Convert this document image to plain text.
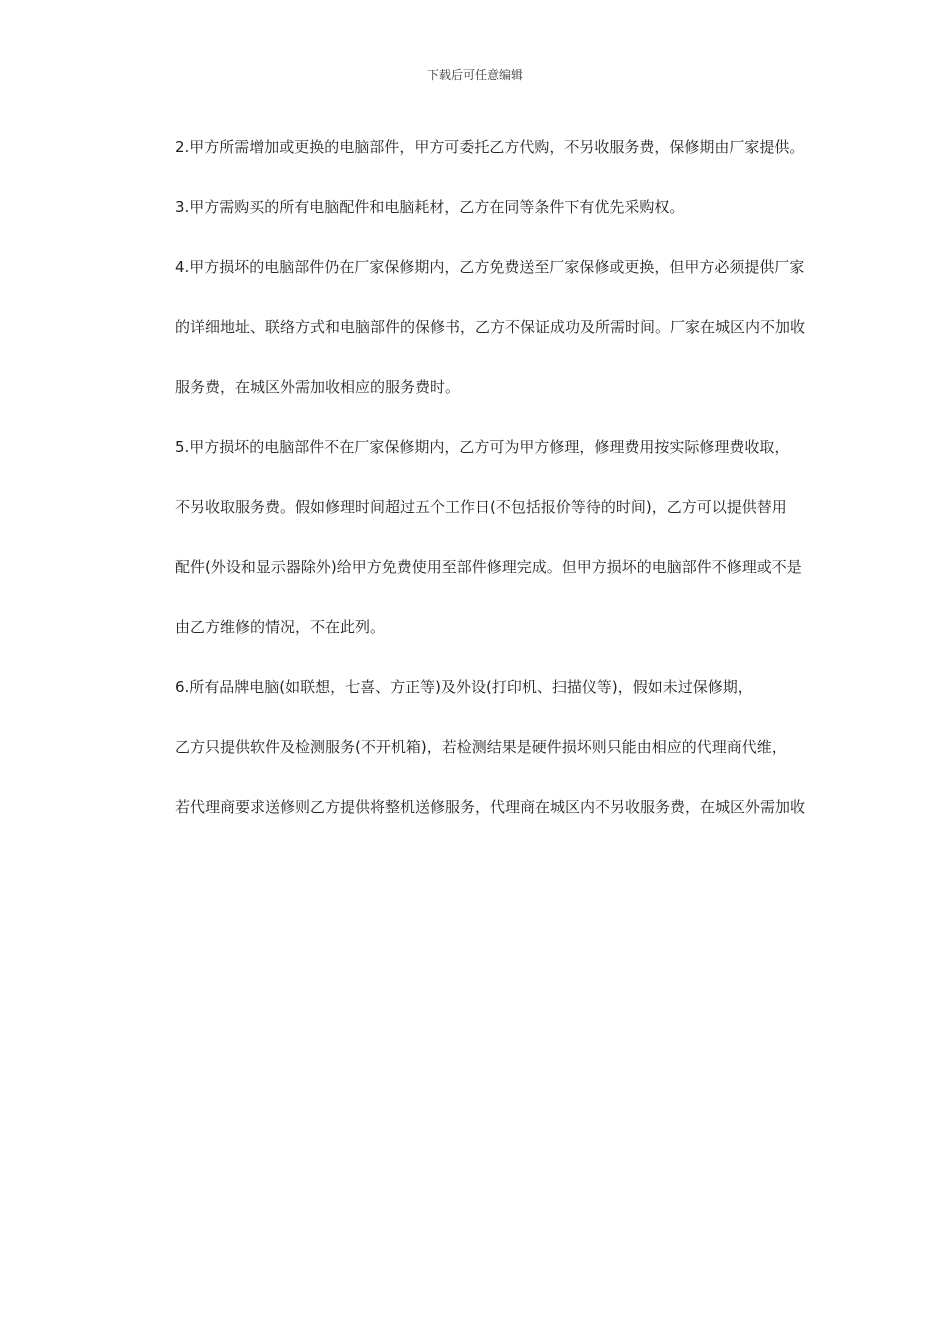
下载后可任意编辑

2.甲方所需增加或更换的电脑部件，甲方可委托乙方代购，不另收服务费，保修期由厂家提供。

3.甲方需购买的所有电脑配件和电脑耗材，乙方在同等条件下有优先采购权。

4.甲方损坏的电脑部件仍在厂家保修期内，乙方免费送至厂家保修或更换，但甲方必须提供厂家

的详细地址、联络方式和电脑部件的保修书，乙方不保证成功及所需时间。厂家在城区内不加收

服务费，在城区外需加收相应的服务费时。

5.甲方损坏的电脑部件不在厂家保修期内，乙方可为甲方修理，修理费用按实际修理费收取，

不另收取服务费。假如修理时间超过五个工作日(不包括报价等待的时间)，乙方可以提供替用

配件(外设和显示器除外)给甲方免费使用至部件修理完成。但甲方损坏的电脑部件不修理或不是

由乙方维修的情况，不在此列。

6.所有品牌电脑(如联想，七喜、方正等)及外设(打印机、扫描仪等)，假如未过保修期，

乙方只提供软件及检测服务(不开机箱)，若检测结果是硬件损坏则只能由相应的代理商代维，

若代理商要求送修则乙方提供将整机送修服务，代理商在城区内不另收服务费，在城区外需加收
